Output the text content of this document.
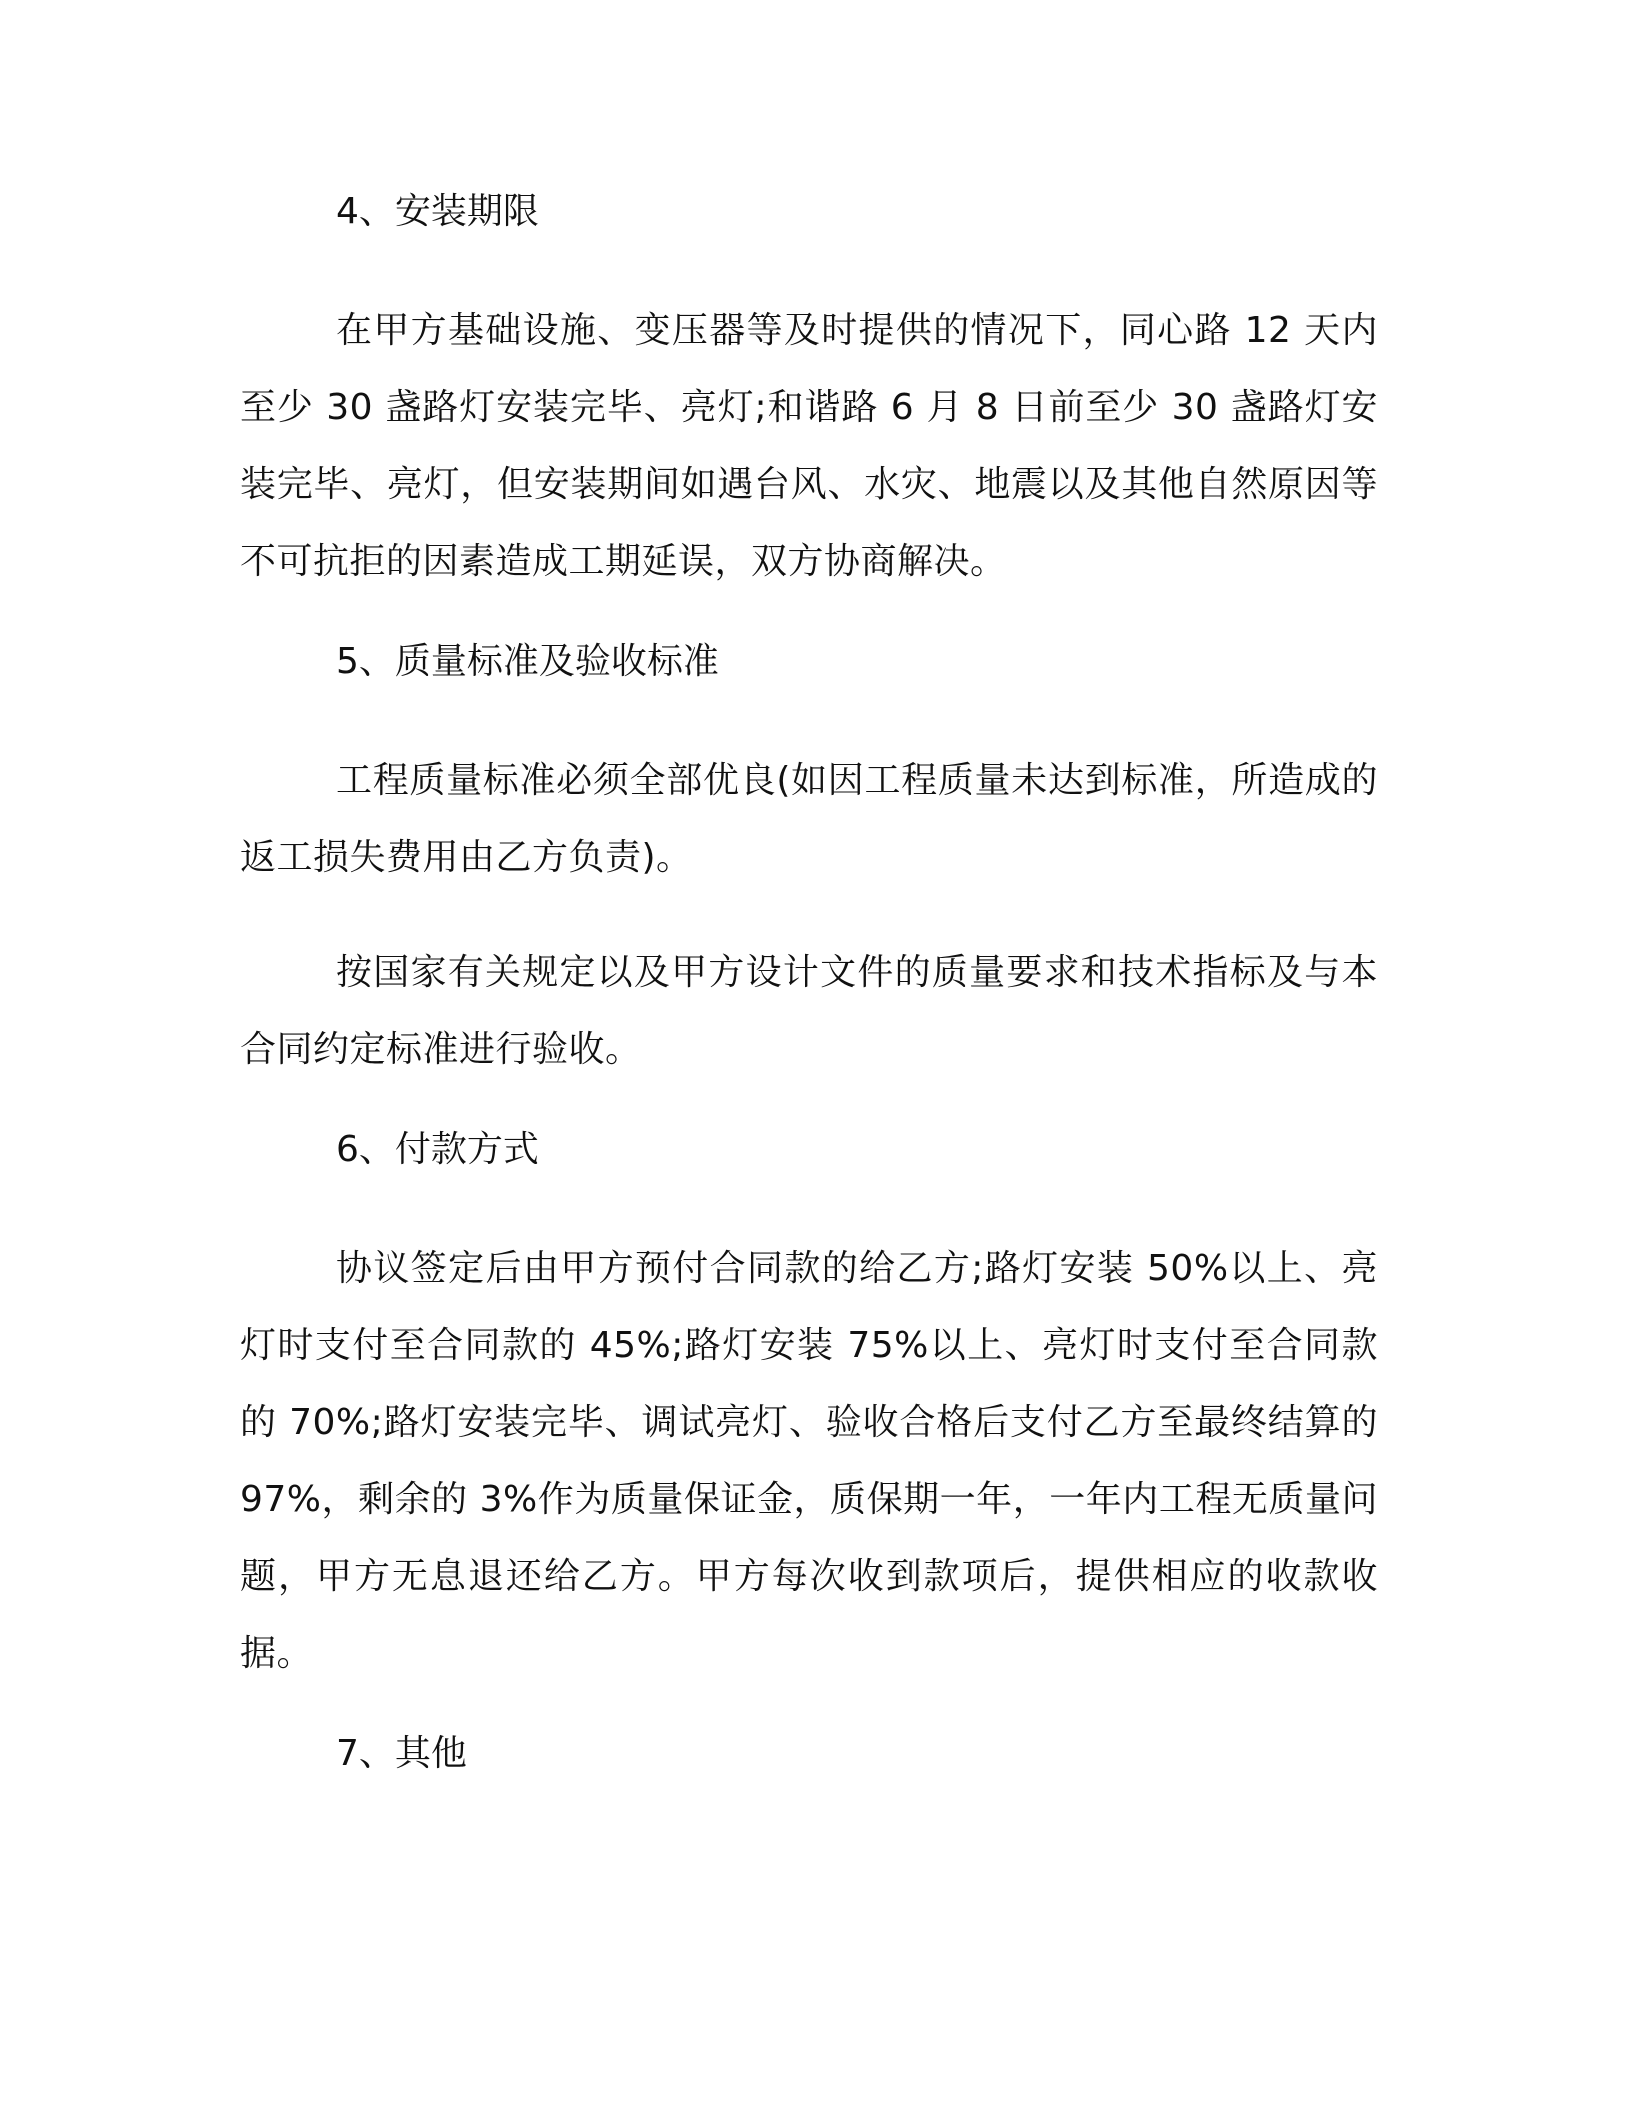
4、安装期限

在甲方基础设施、变压器等及时提供的情况下，同心路 12 天内至少 30 盏路灯安装完毕、亮灯;和谐路 6 月 8 日前至少 30 盏路灯安装完毕、亮灯，但安装期间如遇台风、水灾、地震以及其他自然原因等不可抗拒的因素造成工期延误，双方协商解决。

5、质量标准及验收标准

工程质量标准必须全部优良(如因工程质量未达到标准，所造成的返工损失费用由乙方负责)。

按国家有关规定以及甲方设计文件的质量要求和技术指标及与本合同约定标准进行验收。

6、付款方式

协议签定后由甲方预付合同款的给乙方;路灯安装 50%以上、亮灯时支付至合同款的 45%;路灯安装 75%以上、亮灯时支付至合同款的 70%;路灯安装完毕、调试亮灯、验收合格后支付乙方至最终结算的 97%，剩余的 3%作为质量保证金，质保期一年，一年内工程无质量问题，甲方无息退还给乙方。甲方每次收到款项后，提供相应的收款收据。

7、其他
